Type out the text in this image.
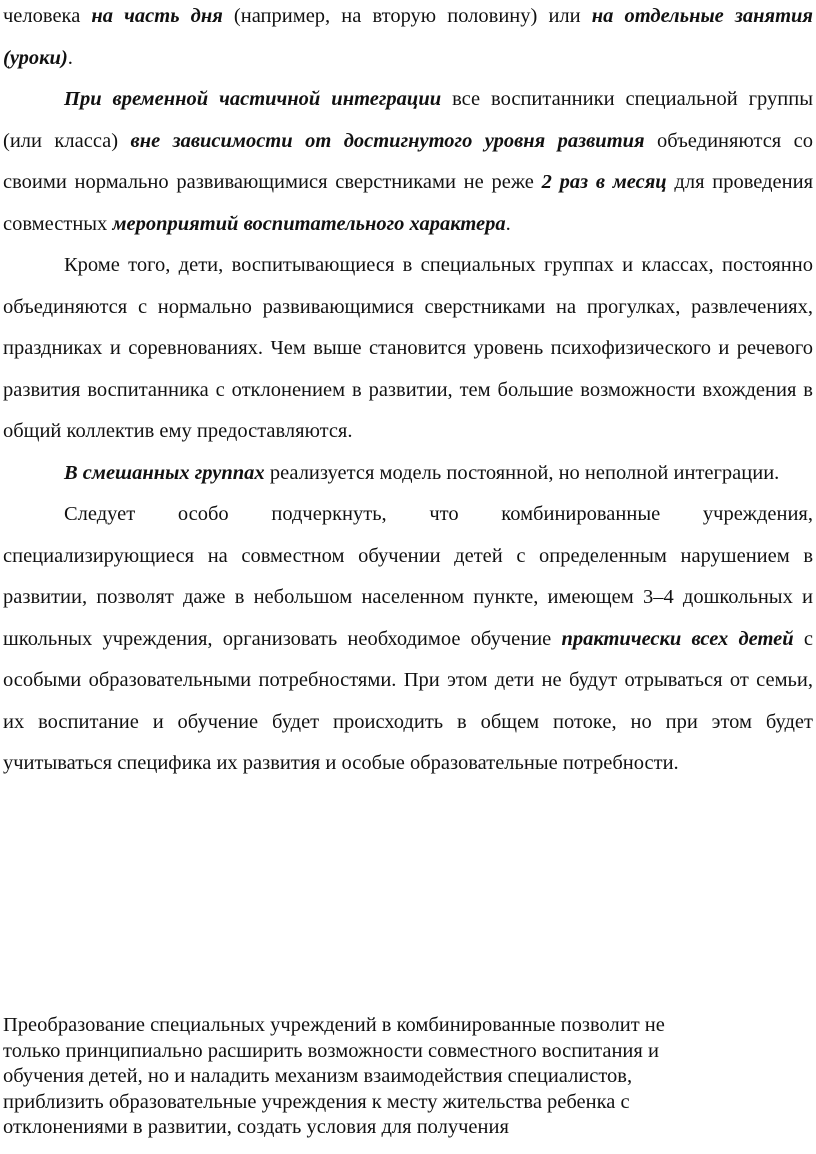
человека на часть дня (например, на вторую половину) или на отдельные занятия (уроки).

При временной частичной интеграции все воспитанники специальной группы (или класса) вне зависимости от достигнутого уровня развития объединяются со своими нормально развивающимися сверстниками не реже 2 раз в месяц для проведения совместных мероприятий воспитательного характера.

Кроме того, дети, воспитывающиеся в специальных группах и классах, постоянно объединяются с нормально развивающимися сверстниками на прогулках, развлечениях, праздниках и соревнованиях. Чем выше становится уровень психофизического и речевого развития воспитанника с отклонением в развитии, тем большие возможности вхождения в общий коллектив ему предоставляются.

В смешанных группах реализуется модель постоянной, но неполной интеграции.

Следует особо подчеркнуть, что комбинированные учреждения, специализирующиеся на совместном обучении детей с определенным нарушением в развитии, позволят даже в небольшом населенном пункте, имеющем 3–4 дошкольных и школьных учреждения, организовать необходимое обучение практически всех детей с особыми образовательными потребностями. При этом дети не будут отрываться от семьи, их воспитание и обучение будет происходить в общем потоке, но при этом будет учитываться специфика их развития и особые образовательные потребности.

Преобразование специальных учреждений в комбинированные позволит не

только принципиально расширить возможности совместного воспитания и

обучения детей, но и наладить механизм взаимодействия специалистов,

приблизить образовательные учреждения к месту жительства ребенка с

отклонениями в развитии, создать условия для получения
